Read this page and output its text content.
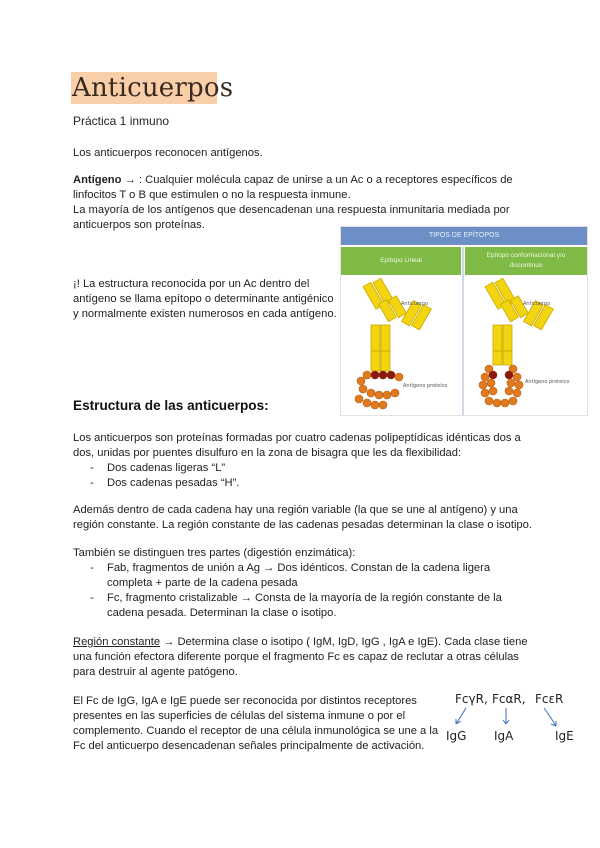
Anticuerpos
Práctica 1 inmuno
Los anticuerpos reconocen antígenos.
Antígeno → : Cualquier molécula capaz de unirse a un Ac o a receptores específicos de
linfocitos T o B que estimulen o no la respuesta inmune.
La mayoría de los antígenos que desencadenan una respuesta inmunitaria mediada por
anticuerpos son proteínas.
¡! La estructura reconocida por un Ac dentro del
antígeno se llama epítopo o determinante antigénico
y normalmente existen numerosos en cada antígeno.
TIPOS DE EPÍTOPOS
Epítopo Lineal
Epítopo conformacional y/o
discontinuo
Anticuerpo
Antígeno proteico
Anticuerpo
Antígeno proteico
Estructura de las anticuerpos:
Los anticuerpos son proteínas formadas por cuatro cadenas polipeptídicas idénticas dos a
dos, unidas por puentes disulfuro en la zona de bisagra que les da flexibilidad:
- Dos cadenas ligeras “L”
- Dos cadenas pesadas “H”.
Además dentro de cada cadena hay una región variable (la que se une al antígeno) y una
región constante. La región constante de las cadenas pesadas determinan la clase o isotipo.
También se distinguen tres partes (digestión enzimática):
- Fab, fragmentos de unión a Ag → Dos idénticos. Constan de la cadena ligera
completa + parte de la cadena pesada
- Fc, fragmento cristalizable → Consta de la mayoría de la región constante de la
cadena pesada. Determinan la clase o isotipo.
Región constante → Determina clase o isotipo ( IgM, IgD, IgG , IgA e IgE). Cada clase tiene
una función efectora diferente porque el fragmento Fc es capaz de reclutar a otras células
para destruir al agente patógeno.
El Fc de IgG, IgA e IgE puede ser reconocida por distintos receptores
presentes en las superficies de células del sistema inmune o por el
complemento. Cuando el receptor de una célula inmunológica se une a la
Fc del anticuerpo desencadenan señales principalmente de activación.
FcγR, FcαR, FcεR
IgG IgA	IgE
